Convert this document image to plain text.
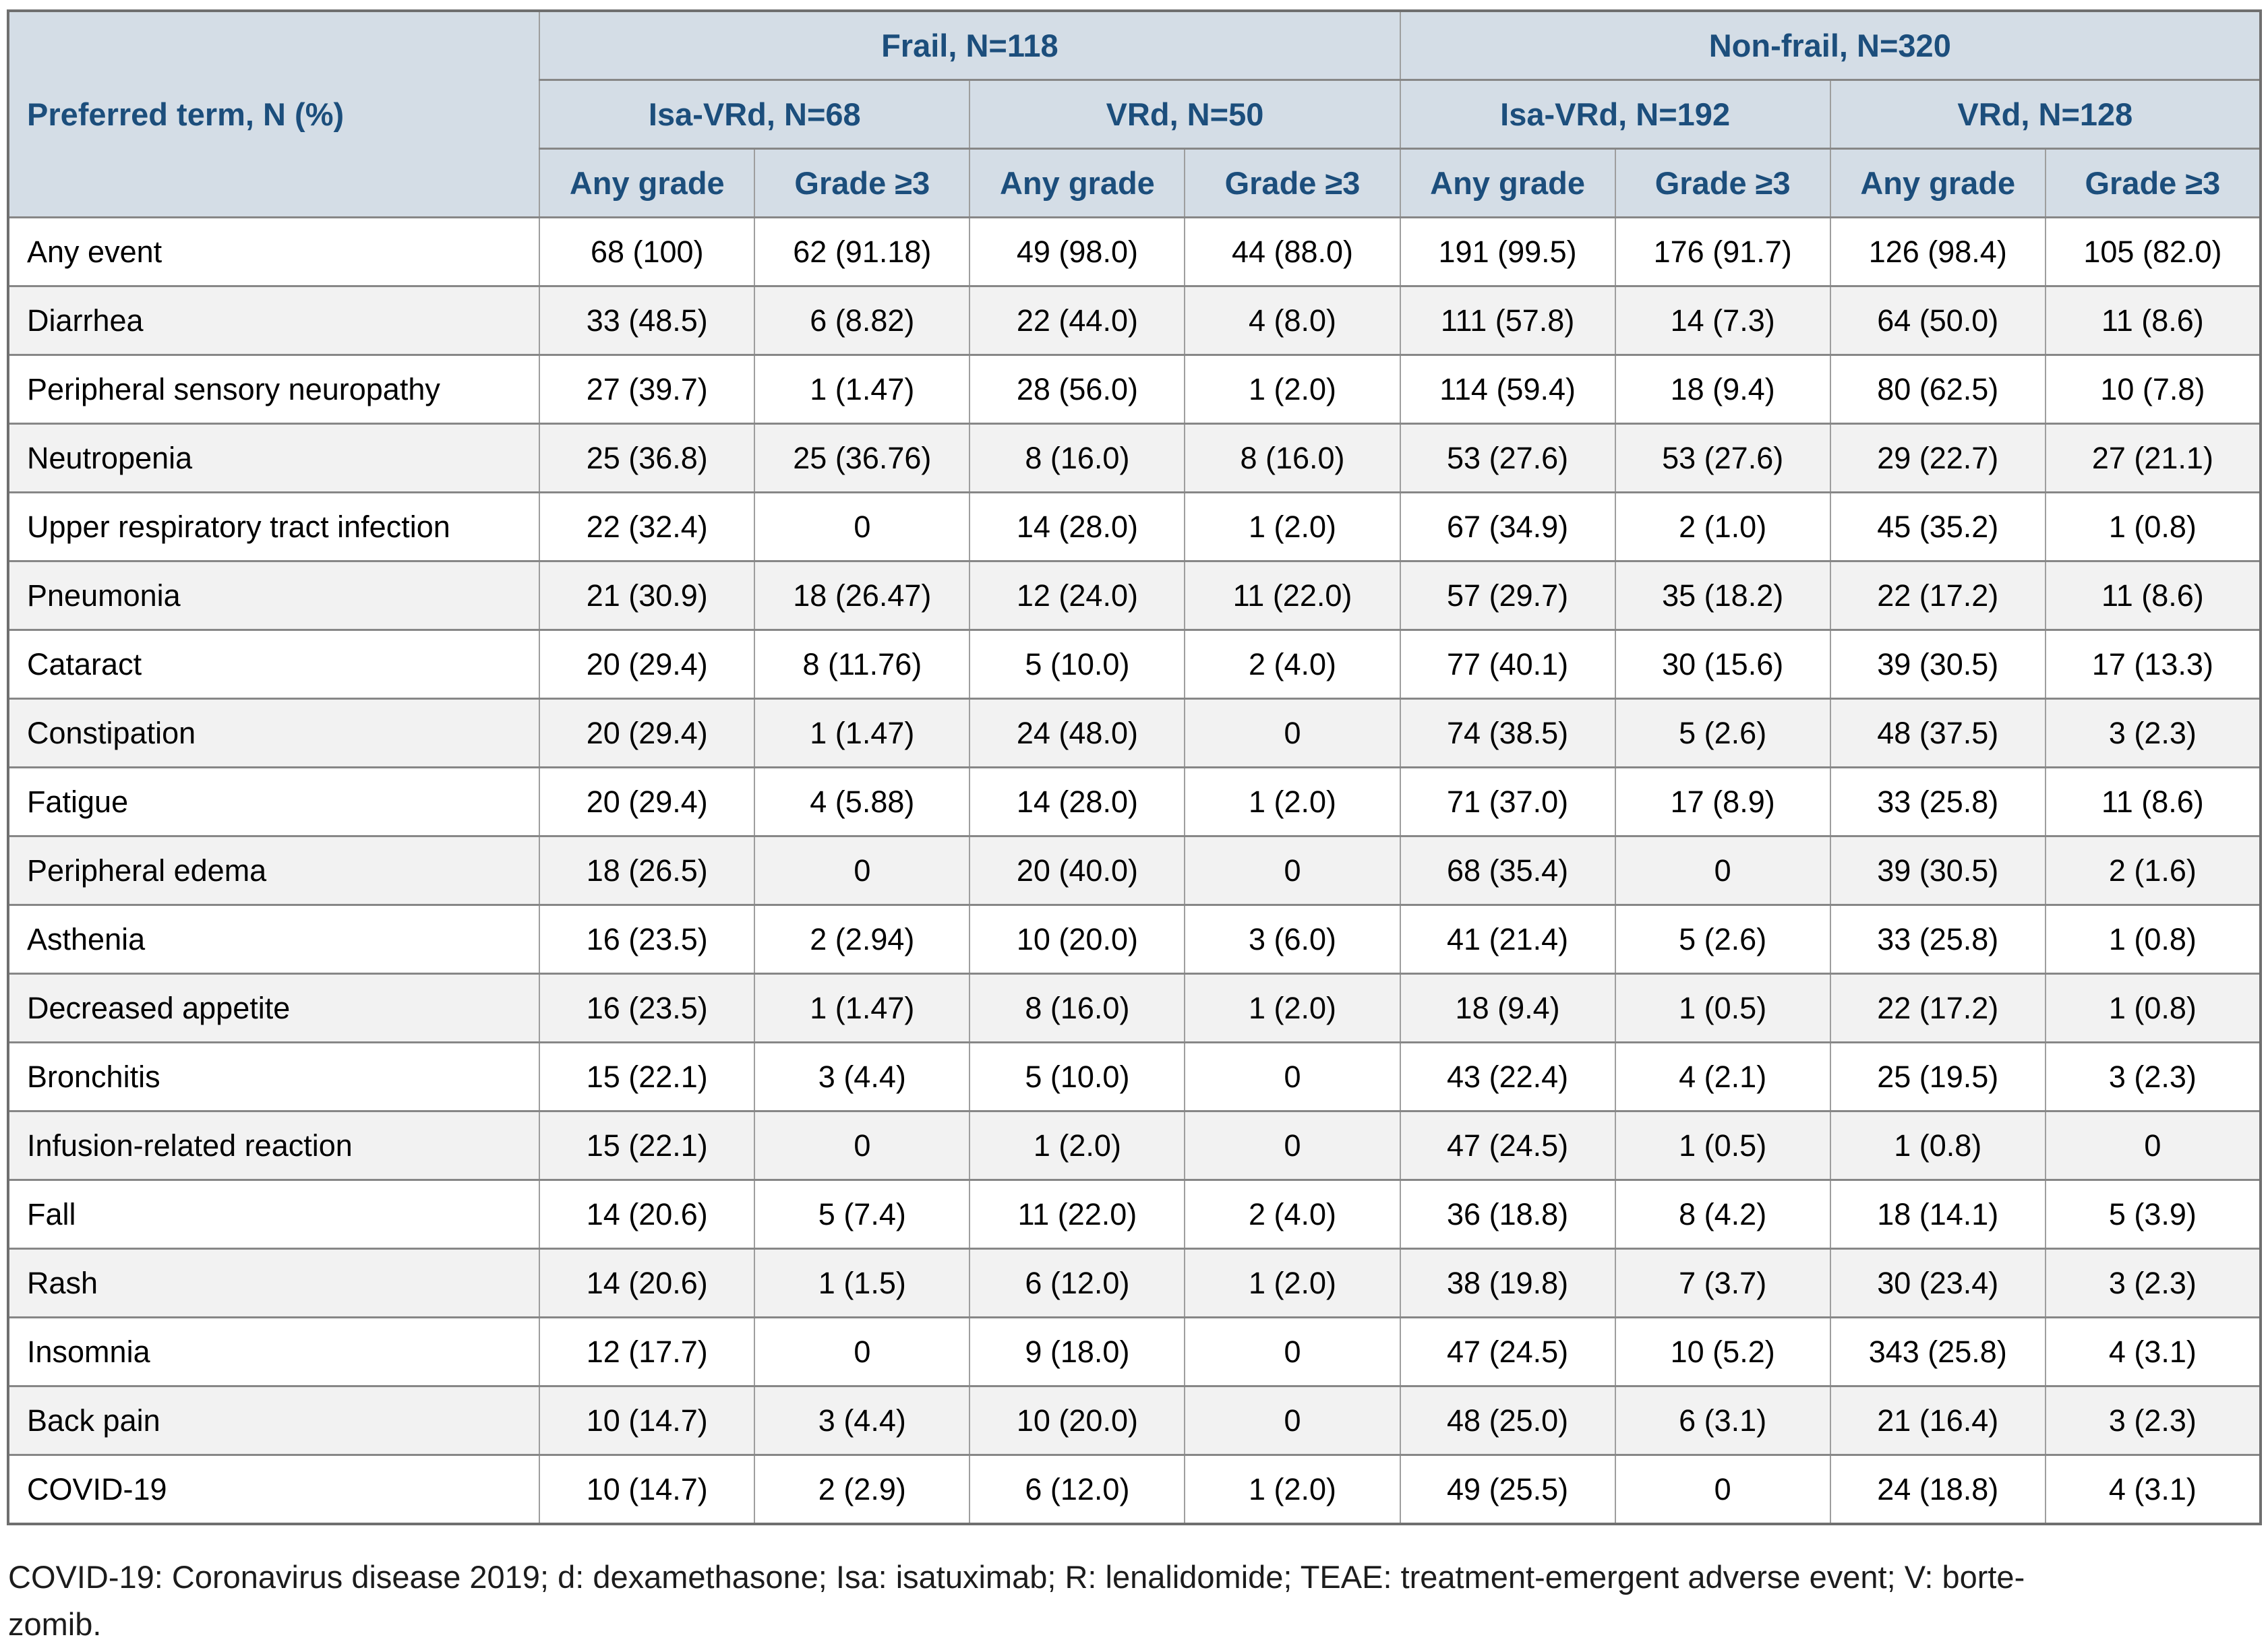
Preferred term, N (%)	Frail, N=118				Non-frail, N=320			
	Isa-VRd, N=68		VRd, N=50		Isa-VRd, N=192		VRd, N=128	
	Any grade	Grade ≥3	Any grade	Grade ≥3	Any grade	Grade ≥3	Any grade	Grade ≥3
Any event	68 (100)	62 (91.18)	49 (98.0)	44 (88.0)	191 (99.5)	176 (91.7)	126 (98.4)	105 (82.0)
Diarrhea	33 (48.5)	6 (8.82)	22 (44.0)	4 (8.0)	111 (57.8)	14 (7.3)	64 (50.0)	11 (8.6)
Peripheral sensory neuropathy	27 (39.7)	1 (1.47)	28 (56.0)	1 (2.0)	114 (59.4)	18 (9.4)	80 (62.5)	10 (7.8)
Neutropenia	25 (36.8)	25 (36.76)	8 (16.0)	8 (16.0)	53 (27.6)	53 (27.6)	29 (22.7)	27 (21.1)
Upper respiratory tract infection	22 (32.4)	0	14 (28.0)	1 (2.0)	67 (34.9)	2 (1.0)	45 (35.2)	1 (0.8)
Pneumonia	21 (30.9)	18 (26.47)	12 (24.0)	11 (22.0)	57 (29.7)	35 (18.2)	22 (17.2)	11 (8.6)
Cataract	20 (29.4)	8 (11.76)	5 (10.0)	2 (4.0)	77 (40.1)	30 (15.6)	39 (30.5)	17 (13.3)
Constipation	20 (29.4)	1 (1.47)	24 (48.0)	0	74 (38.5)	5 (2.6)	48 (37.5)	3 (2.3)
Fatigue	20 (29.4)	4 (5.88)	14 (28.0)	1 (2.0)	71 (37.0)	17 (8.9)	33 (25.8)	11 (8.6)
Peripheral edema	18 (26.5)	0	20 (40.0)	0	68 (35.4)	0	39 (30.5)	2 (1.6)
Asthenia	16 (23.5)	2 (2.94)	10 (20.0)	3 (6.0)	41 (21.4)	5 (2.6)	33 (25.8)	1 (0.8)
Decreased appetite	16 (23.5)	1 (1.47)	8 (16.0)	1 (2.0)	18 (9.4)	1 (0.5)	22 (17.2)	1 (0.8)
Bronchitis	15 (22.1)	3 (4.4)	5 (10.0)	0	43 (22.4)	4 (2.1)	25 (19.5)	3 (2.3)
Infusion-related reaction	15 (22.1)	0	1 (2.0)	0	47 (24.5)	1 (0.5)	1 (0.8)	0
Fall	14 (20.6)	5 (7.4)	11 (22.0)	2 (4.0)	36 (18.8)	8 (4.2)	18 (14.1)	5 (3.9)
Rash	14 (20.6)	1 (1.5)	6 (12.0)	1 (2.0)	38 (19.8)	7 (3.7)	30 (23.4)	3 (2.3)
Insomnia	12 (17.7)	0	9 (18.0)	0	47 (24.5)	10 (5.2)	343 (25.8)	4 (3.1)
Back pain	10 (14.7)	3 (4.4)	10 (20.0)	0	48 (25.0)	6 (3.1)	21 (16.4)	3 (2.3)
COVID-19	10 (14.7)	2 (2.9)	6 (12.0)	1 (2.0)	49 (25.5)	0	24 (18.8)	4 (3.1)
COVID-19: Coronavirus disease 2019; d: dexamethasone; Isa: isatuximab; R: lenalidomide; TEAE: treatment-emergent adverse event; V: borte-
zomib.
